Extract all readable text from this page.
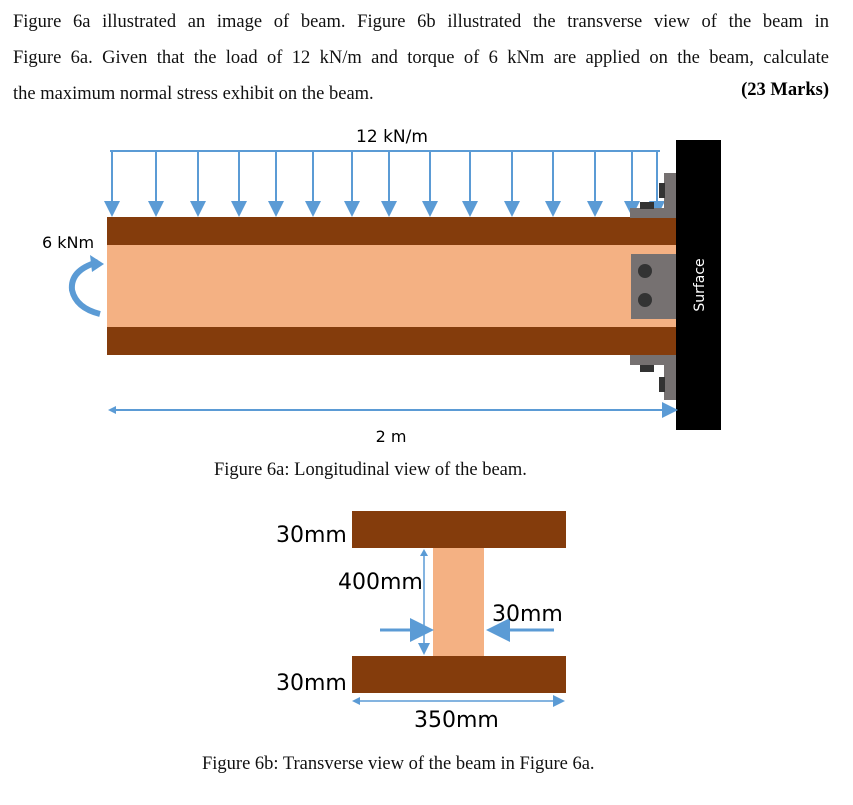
Figure 6a illustrated an image of beam. Figure 6b illustrated the transverse view of the beam in
Figure 6a. Given that the load of 12 kN/m and torque of 6 kNm are applied on the beam, calculate
the maximum normal stress exhibit on the beam.	(23 Marks)
Surface
12 kN/m
6 kNm
2 m
30mm
400mm
30mm
30mm
350mm
Figure 6a: Longitudinal view of the beam.
Figure 6b: Transverse view of the beam in Figure 6a.
